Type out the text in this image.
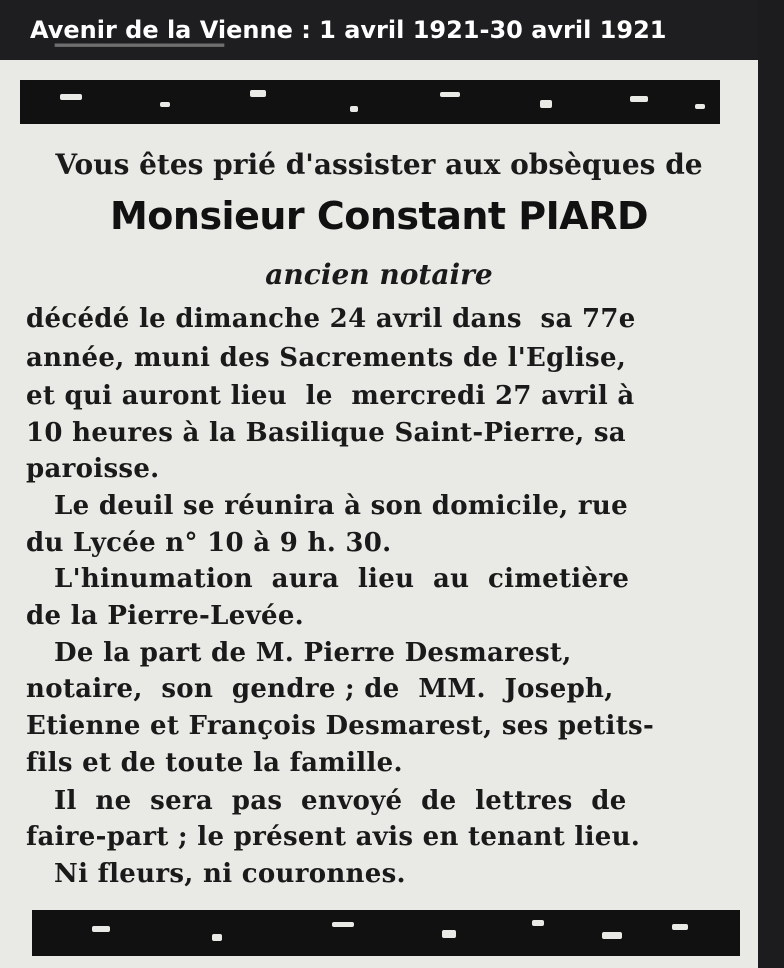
Avenir de la Vienne : 1 avril 1921-30 avril 1921
▔▔▔▔▔▔▔▔▔▔
Vous êtes prié d'assister aux obsèques de
Monsieur Constant PIARD
ancien notaire
décédé le dimanche 24 avril dans  sa 77e
année, muni des Sacrements de l'Eglise,
et qui auront lieu  le  mercredi 27 avril à
10 heures à la Basilique Saint-Pierre, sa
paroisse.
Le deuil se réunira à son domicile, rue
du Lycée n° 10 à 9 h. 30.
L'hinumation  aura  lieu  au  cimetière
de la Pierre-Levée.
De la part de M. Pierre Desmarest,
notaire,  son  gendre ; de  MM.  Joseph,
Etienne et François Desmarest, ses petits-
fils et de toute la famille.
Il  ne  sera  pas  envoyé  de  lettres  de
faire-part ; le présent avis en tenant lieu.
Ni fleurs, ni couronnes.
